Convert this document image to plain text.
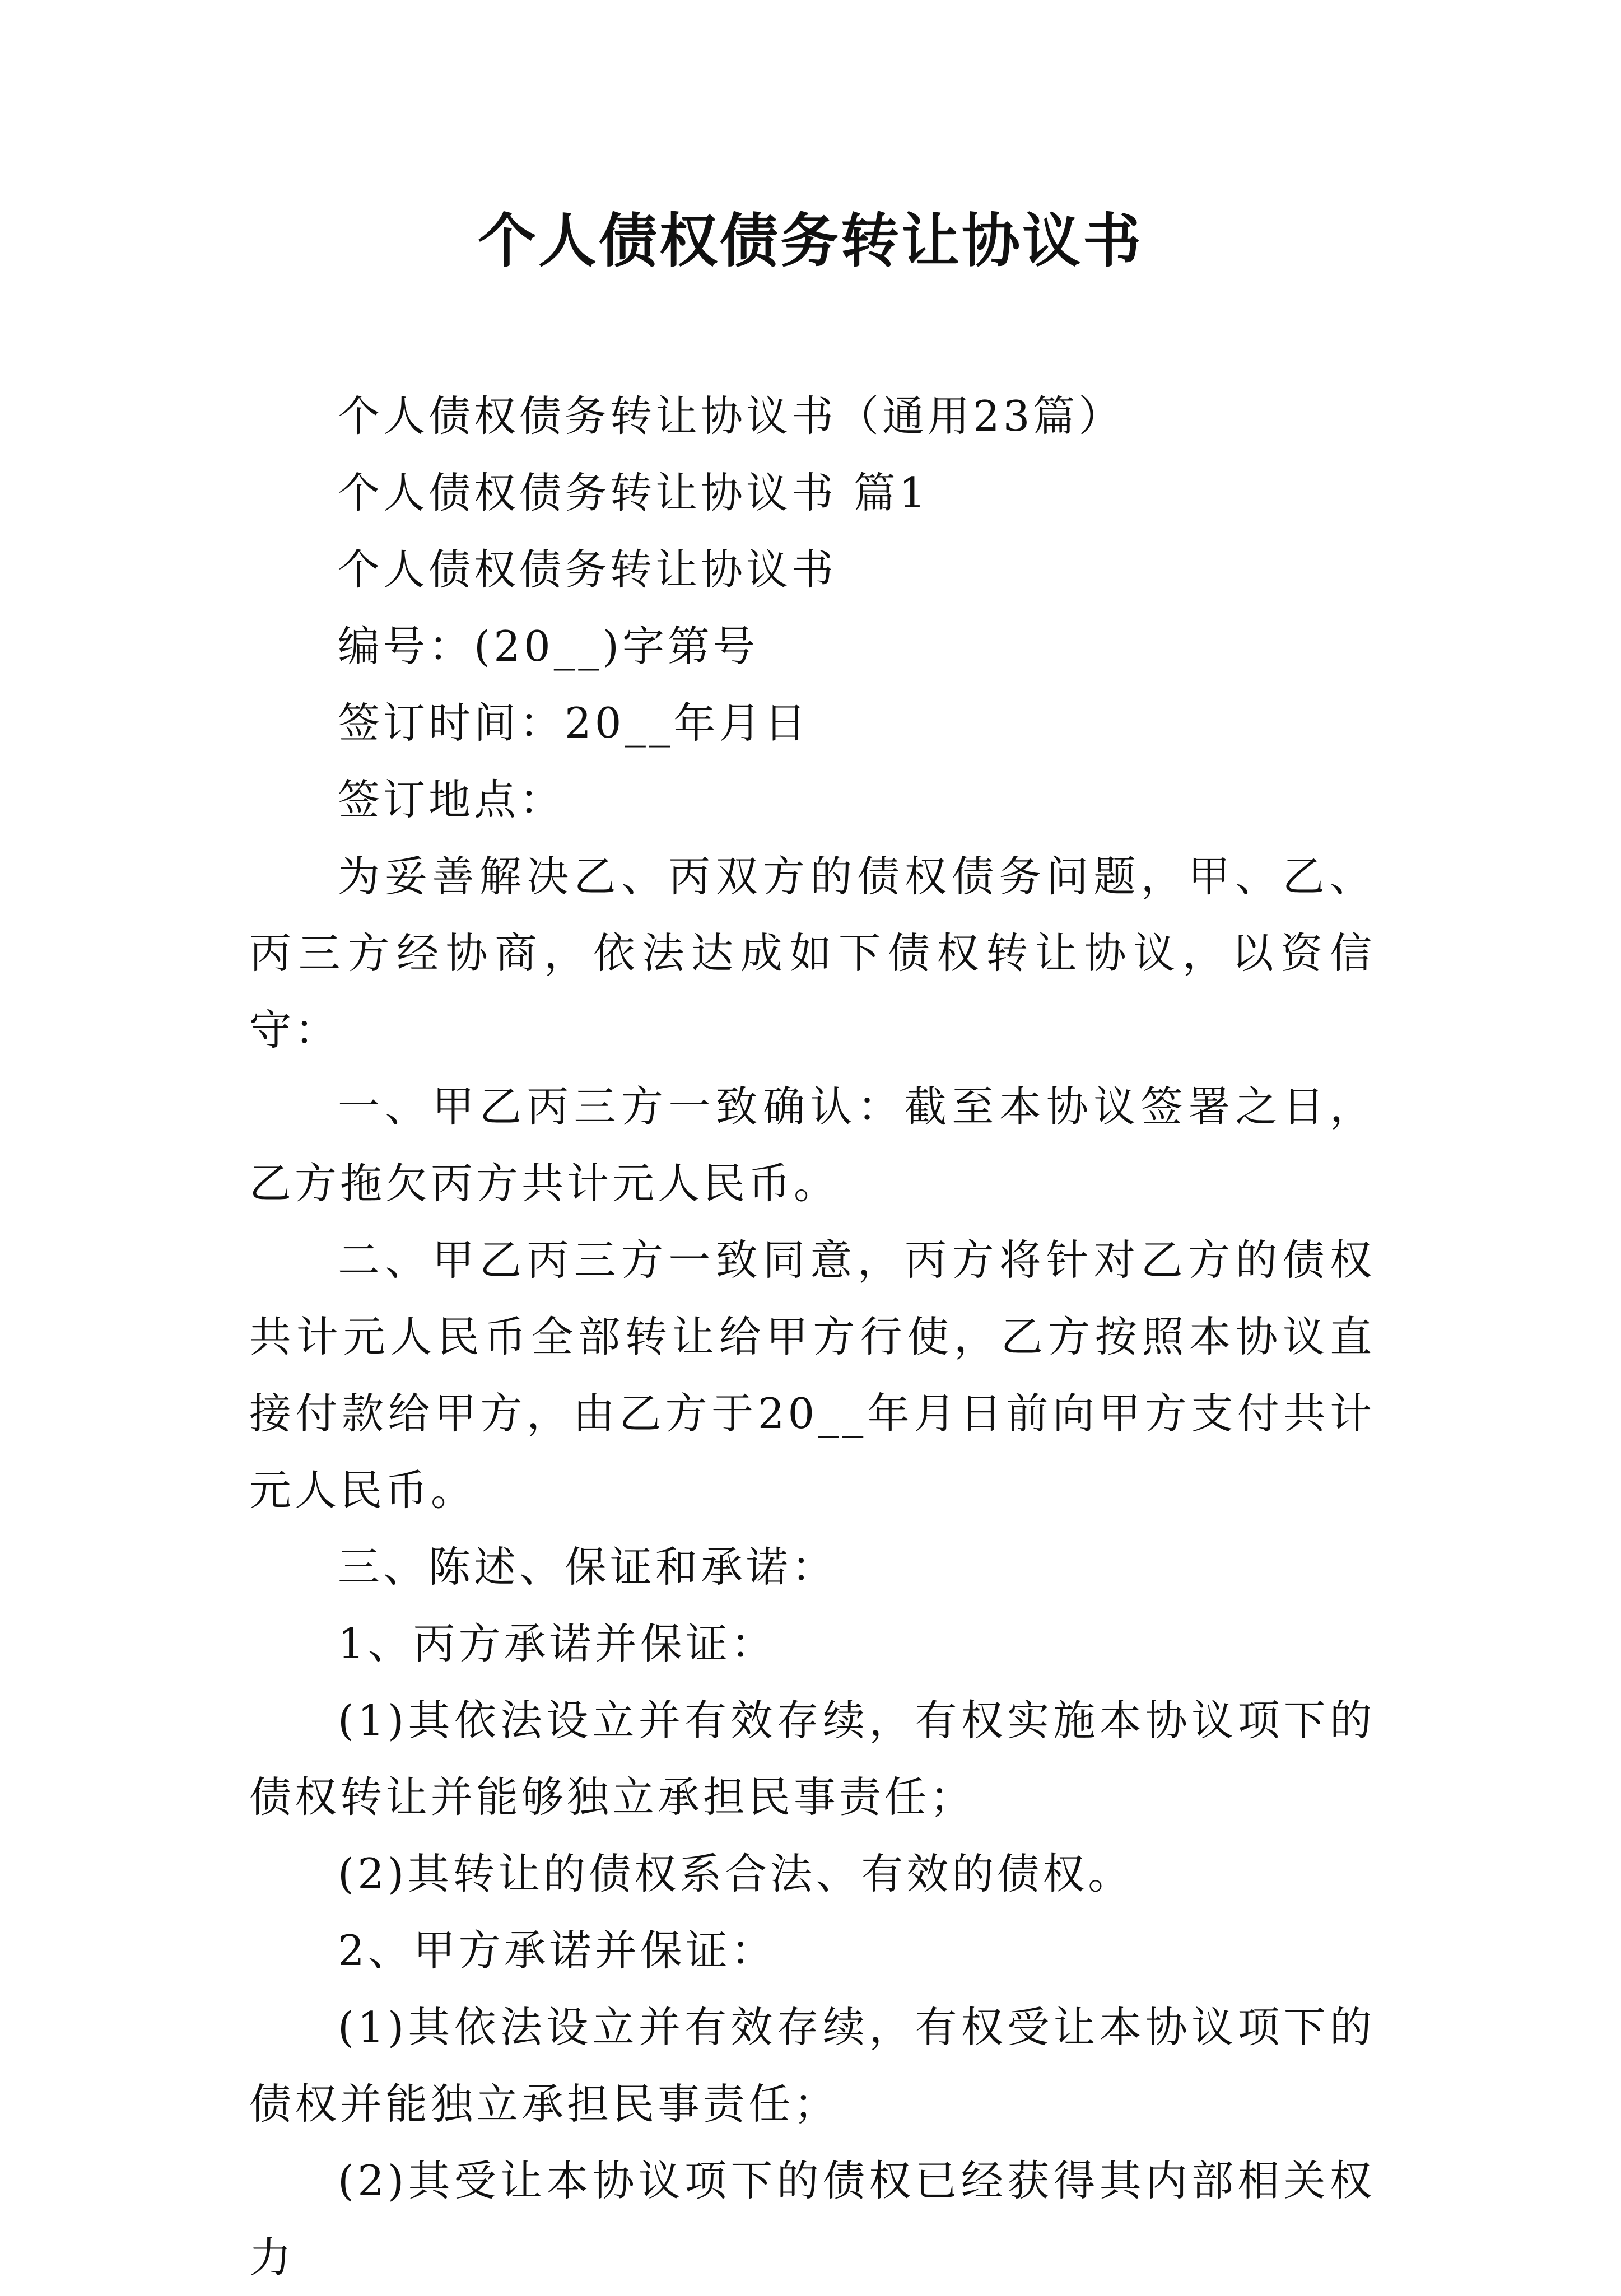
个人债权债务转让协议书

个人债权债务转让协议书（通用23篇）

个人债权债务转让协议书 篇1

个人债权债务转让协议书

编号：(20__)字第号

签订时间：20__年月日

签订地点：

为妥善解决乙、丙双方的债权债务问题，甲、乙、丙三方经协商，依法达成如下债权转让协议，以资信守：

一、甲乙丙三方一致确认：截至本协议签署之日，乙方拖欠丙方共计元人民币。

二、甲乙丙三方一致同意，丙方将针对乙方的债权共计元人民币全部转让给甲方行使，乙方按照本协议直接付款给甲方，由乙方于20__年月日前向甲方支付共计元人民币。

三、陈述、保证和承诺：

1、丙方承诺并保证：

(1)其依法设立并有效存续，有权实施本协议项下的债权转让并能够独立承担民事责任；

(2)其转让的债权系合法、有效的债权。

2、甲方承诺并保证：

(1)其依法设立并有效存续，有权受让本协议项下的债权并能独立承担民事责任；

(2)其受让本协议项下的债权已经获得其内部相关权力
